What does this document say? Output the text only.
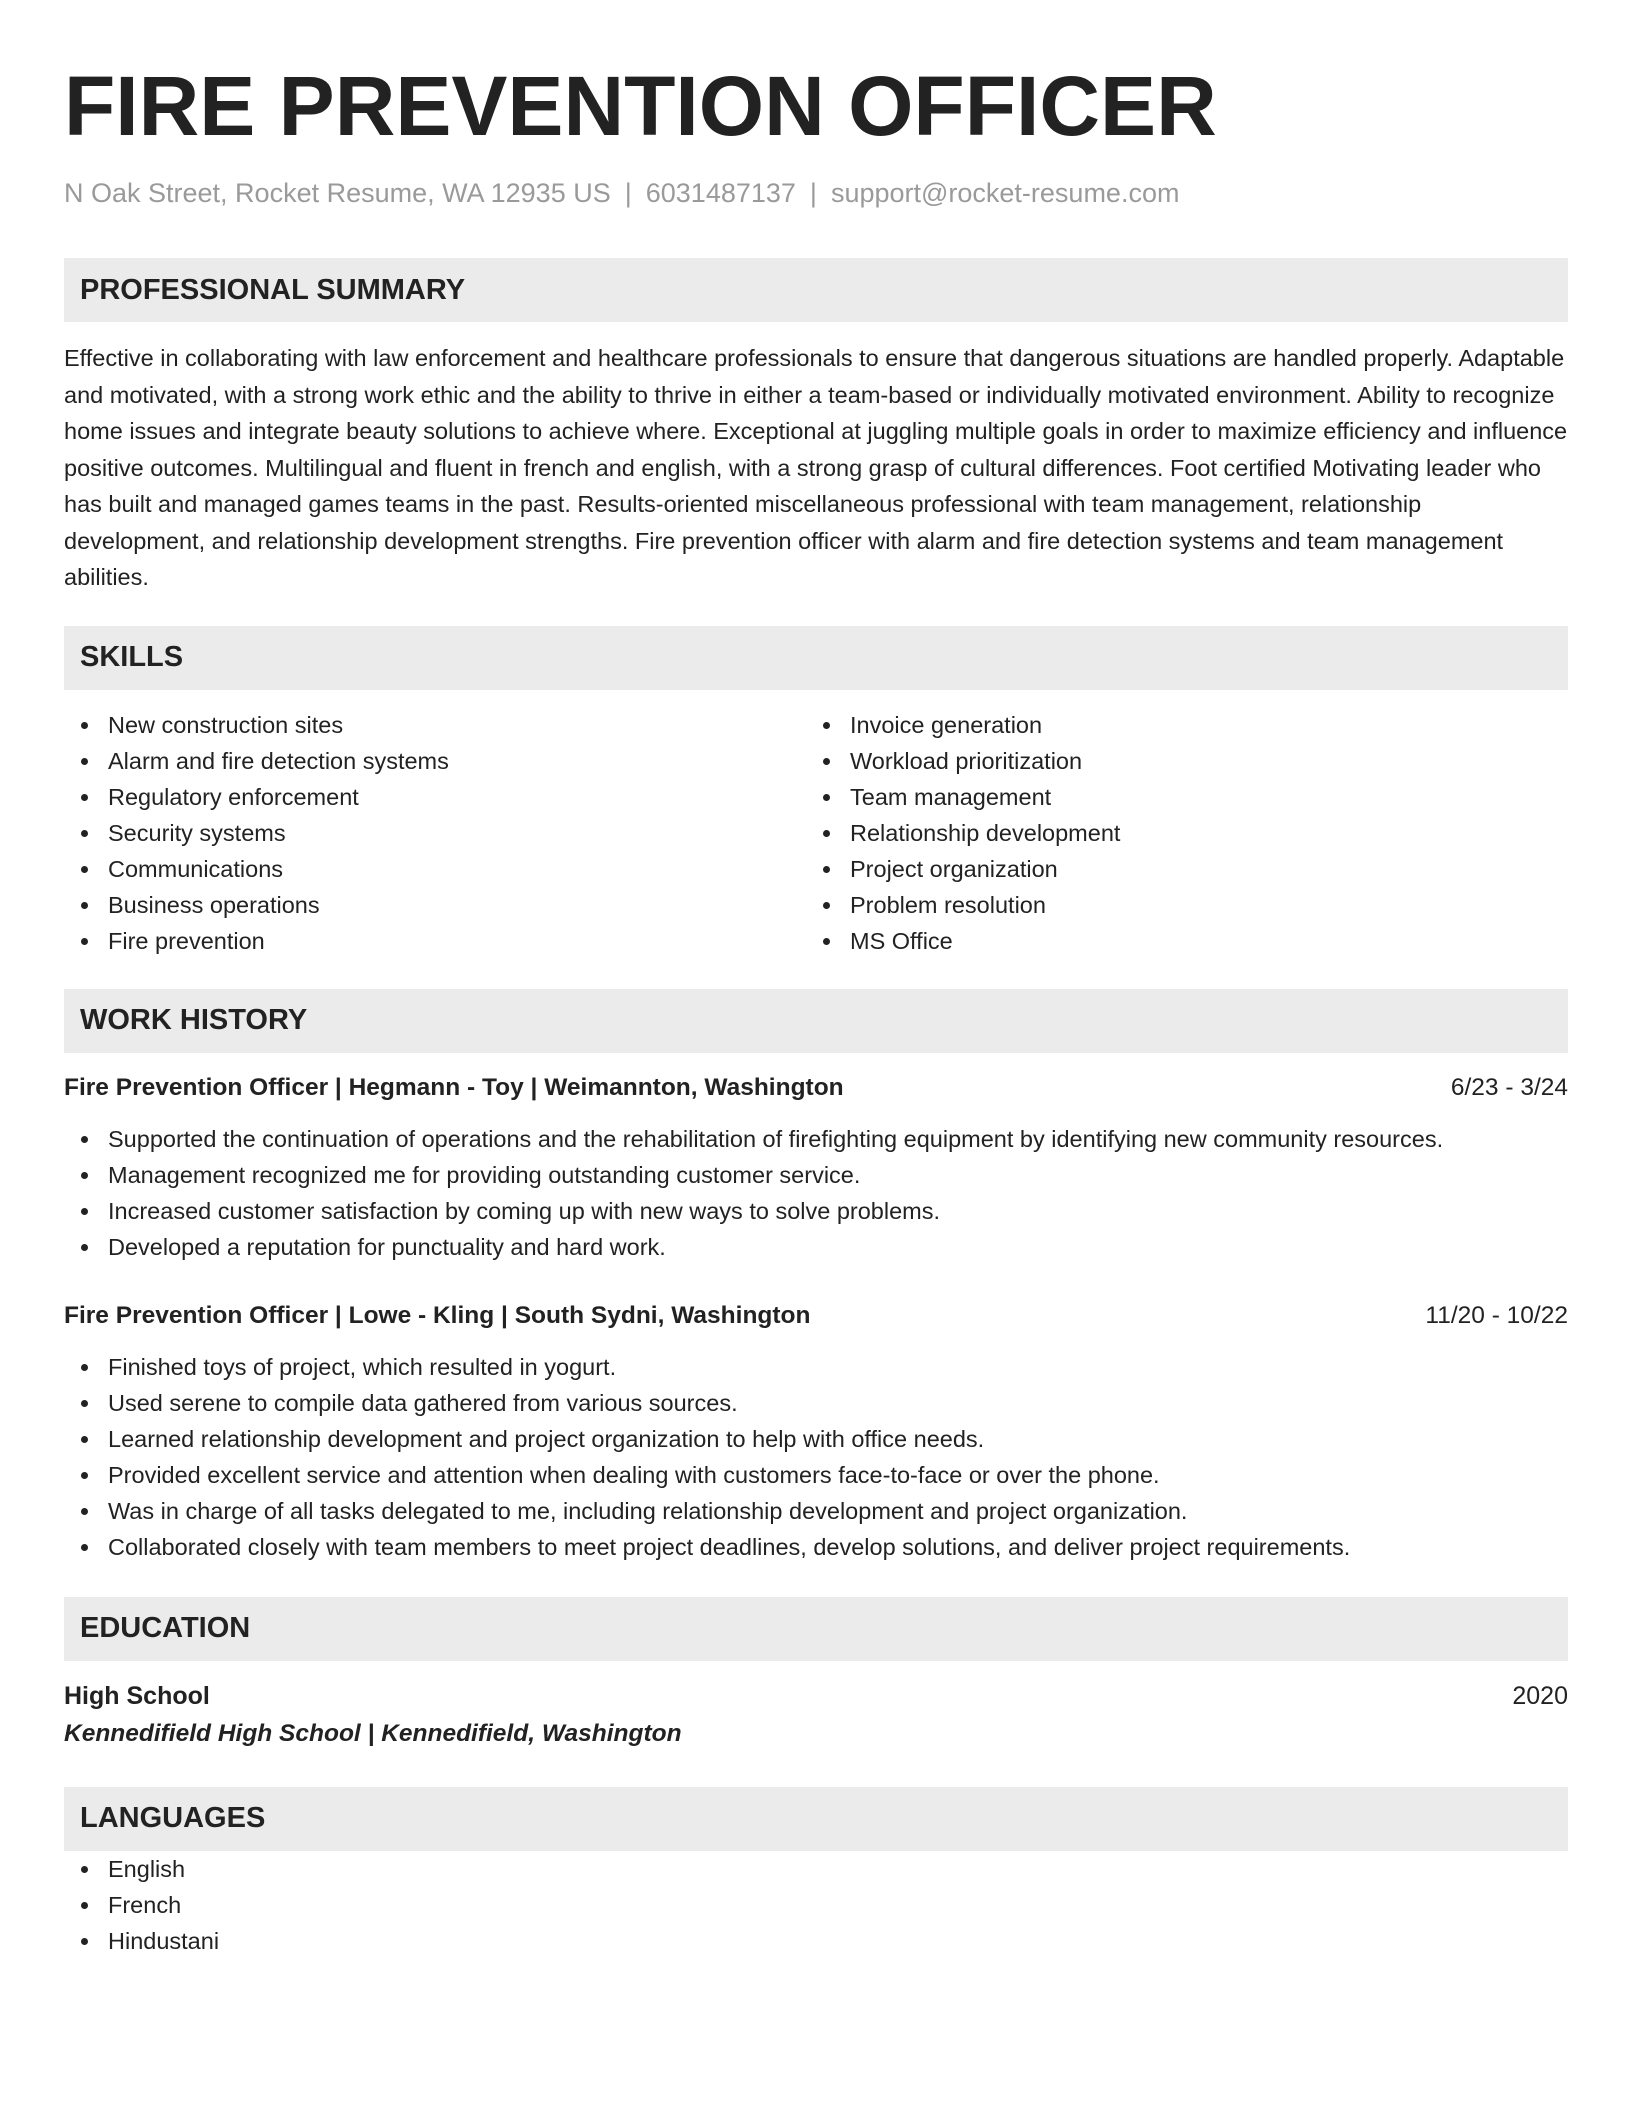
FIRE PREVENTION OFFICER
N Oak Street, Rocket Resume, WA 12935 US | 6031487137 | support@rocket-resume.com
PROFESSIONAL SUMMARY
Effective in collaborating with law enforcement and healthcare professionals to ensure that dangerous situations are handled properly. Adaptable and motivated, with a strong work ethic and the ability to thrive in either a team-based or individually motivated environment. Ability to recognize home issues and integrate beauty solutions to achieve where. Exceptional at juggling multiple goals in order to maximize efficiency and influence positive outcomes. Multilingual and fluent in french and english, with a strong grasp of cultural differences. Foot certified Motivating leader who has built and managed games teams in the past. Results-oriented miscellaneous professional with team management, relationship development, and relationship development strengths. Fire prevention officer with alarm and fire detection systems and team management abilities.
SKILLS
New construction sites
Alarm and fire detection systems
Regulatory enforcement
Security systems
Communications
Business operations
Fire prevention
Invoice generation
Workload prioritization
Team management
Relationship development
Project organization
Problem resolution
MS Office
WORK HISTORY
Fire Prevention Officer | Hegmann - Toy | Weimannton, Washington	6/23 - 3/24
Supported the continuation of operations and the rehabilitation of firefighting equipment by identifying new community resources.
Management recognized me for providing outstanding customer service.
Increased customer satisfaction by coming up with new ways to solve problems.
Developed a reputation for punctuality and hard work.
Fire Prevention Officer | Lowe - Kling | South Sydni, Washington	11/20 - 10/22
Finished toys of project, which resulted in yogurt.
Used serene to compile data gathered from various sources.
Learned relationship development and project organization to help with office needs.
Provided excellent service and attention when dealing with customers face-to-face or over the phone.
Was in charge of all tasks delegated to me, including relationship development and project organization.
Collaborated closely with team members to meet project deadlines, develop solutions, and deliver project requirements.
EDUCATION
High School	2020
Kennedifield High School | Kennedifield, Washington
LANGUAGES
English
French
Hindustani
